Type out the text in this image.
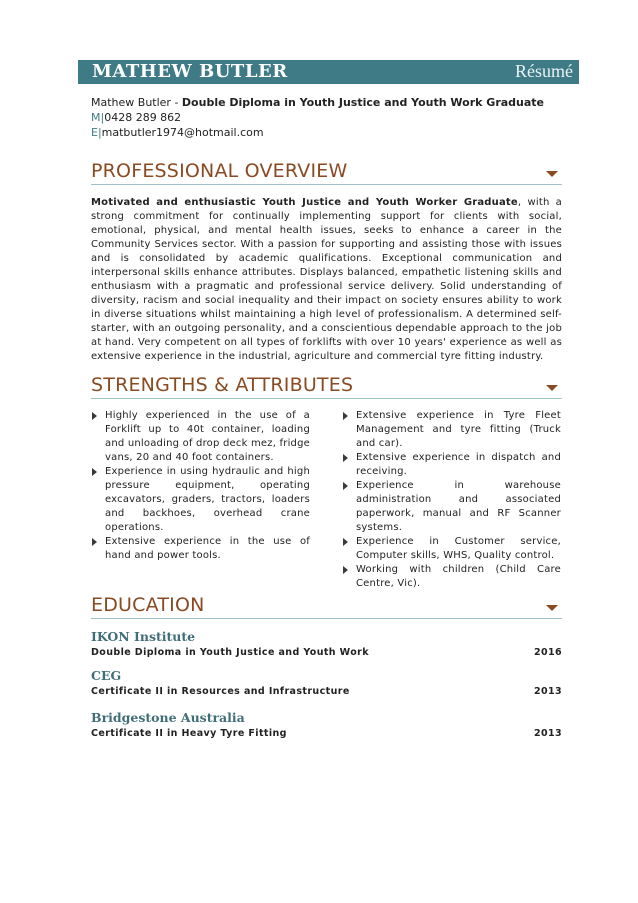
MATHEW BUTLER	Résumé
Mathew Butler - Double Diploma in Youth Justice and Youth Work Graduate
M|0428 289 862
E|matbutler1974@hotmail.com
PROFESSIONAL OVERVIEW
Motivated and enthusiastic Youth Justice and Youth Worker Graduate, with a strong commitment for continually implementing support for clients with social, emotional, physical, and mental health issues, seeks to enhance a career in the Community Services sector. With a passion for supporting and assisting those with issues and is consolidated by academic qualifications. Exceptional communication and interpersonal skills enhance attributes. Displays balanced, empathetic listening skills and enthusiasm with a pragmatic and professional service delivery. Solid understanding of diversity, racism and social inequality and their impact on society ensures ability to work in diverse situations whilst maintaining a high level of professionalism. A determined self-starter, with an outgoing personality, and a conscientious dependable approach to the job at hand. Very competent on all types of forklifts with over 10 years' experience as well as extensive experience in the industrial, agriculture and commercial tyre fitting industry.
STRENGTHS & ATTRIBUTES
Highly experienced in the use of a Forklift up to 40t container, loading and unloading of drop deck mez, fridge vans, 20 and 40 foot containers.
Experience in using hydraulic and high pressure equipment, operating excavators, graders, tractors, loaders and backhoes, overhead crane operations.
Extensive experience in the use of hand and power tools.
Extensive experience in Tyre Fleet Management and tyre fitting (Truck and car).
Extensive experience in dispatch and receiving.
Experience in warehouse administration and associated paperwork, manual and RF Scanner systems.
Experience in Customer service, Computer skills, WHS, Quality control.
Working with children (Child Care Centre, Vic).
EDUCATION
IKON Institute
Double Diploma in Youth Justice and Youth Work	2016
CEG
Certificate II in Resources and Infrastructure	2013
Bridgestone Australia
Certificate II in Heavy Tyre Fitting	2013
